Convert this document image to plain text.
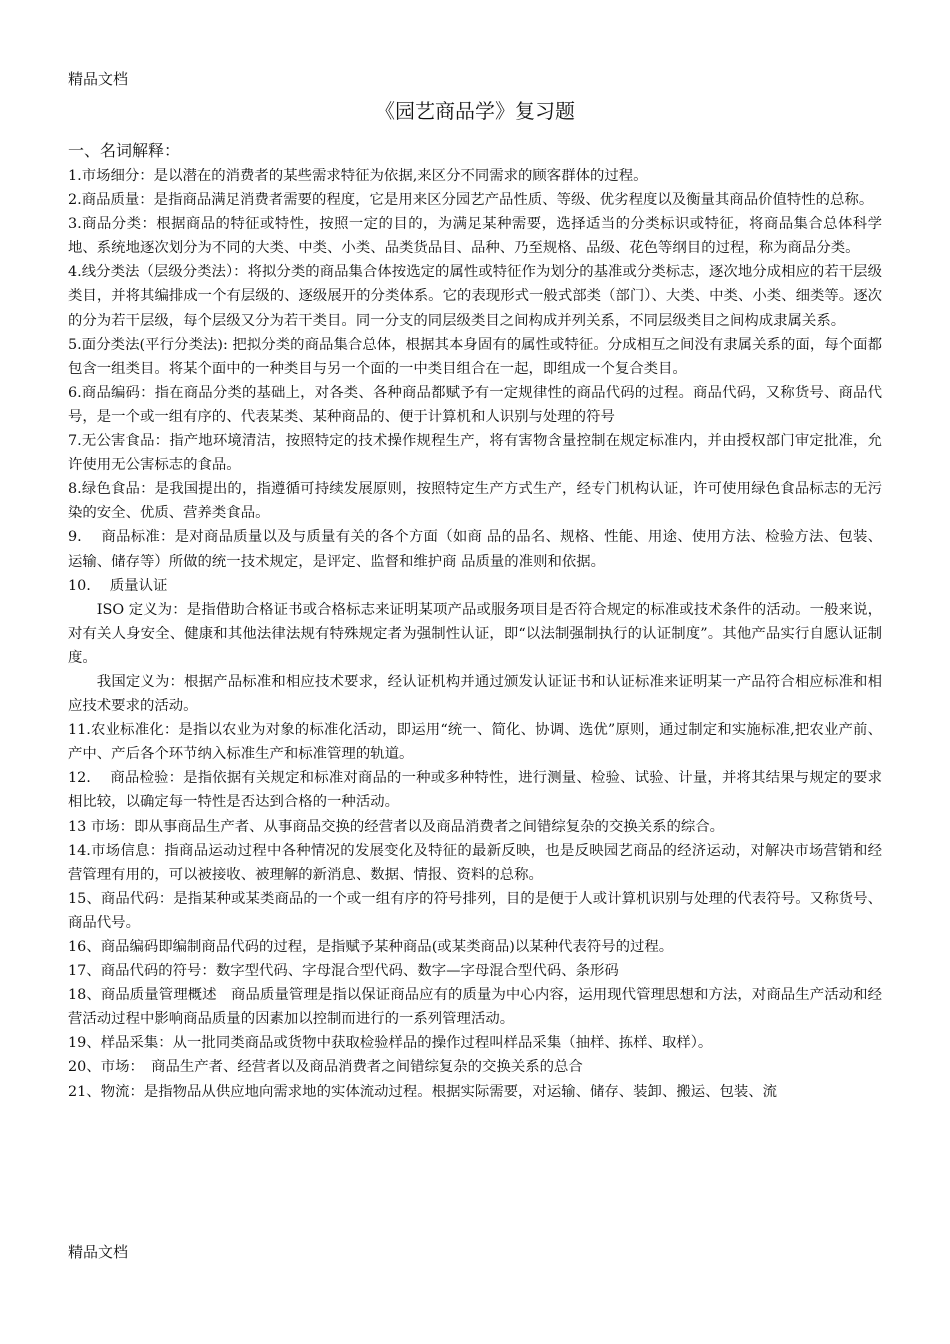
精品文档
《园艺商品学》复习题

一、名词解释：

1.市场细分：是以潜在的消费者的某些需求特征为依据,来区分不同需求的顾客群体的过程。

2.商品质量：是指商品满足消费者需要的程度，它是用来区分园艺产品性质、等级、优劣程度以及衡量其商品价值特性的总称。

3.商品分类：根据商品的特征或特性，按照一定的目的，为满足某种需要，选择适当的分类标识或特征，将商品集合总体科学地、系统地逐次划分为不同的大类、中类、小类、品类货品目、品种、乃至规格、品级、花色等纲目的过程，称为商品分类。

4.线分类法（层级分类法）：将拟分类的商品集合体按选定的属性或特征作为划分的基准或分类标志，逐次地分成相应的若干层级类目，并将其编排成一个有层级的、逐级展开的分类体系。它的表现形式一般式部类（部门）、大类、中类、小类、细类等。逐次的分为若干层级，每个层级又分为若干类目。同一分支的同层级类目之间构成并列关系，不同层级类目之间构成隶属关系。

5.面分类法(平行分类法): 把拟分类的商品集合总体，根据其本身固有的属性或特征。分成相互之间没有隶属关系的面，每个面都包含一组类目。将某个面中的一种类目与另一个面的一中类目组合在一起，即组成一个复合类目。

6.商品编码：指在商品分类的基础上，对各类、各种商品都赋予有一定规律性的商品代码的过程。商品代码，又称货号、商品代号，是一个或一组有序的、代表某类、某种商品的、便于计算机和人识别与处理的符号

7.无公害食品：指产地环境清洁，按照特定的技术操作规程生产，将有害物含量控制在规定标准内，并由授权部门审定批准，允许使用无公害标志的食品。

8.绿色食品：是我国提出的，指遵循可持续发展原则，按照特定生产方式生产，经专门机构认证，许可使用绿色食品标志的无污染的安全、优质、营养类食品。

9.　 商品标准：是对商品质量以及与质量有关的各个方面（如商 品的品名、规格、性能、用途、使用方法、检验方法、包装、 运输、储存等）所做的统一技术规定，是评定、监督和维护商 品质量的准则和依据。

10.　 质量认证

ISO 定义为：是指借助合格证书或合格标志来证明某项产品或服务项目是否符合规定的标准或技术条件的活动。一般来说，对有关人身安全、健康和其他法律法规有特殊规定者为强制性认证，即“以法制强制执行的认证制度”。其他产品实行自愿认证制度。

我国定义为：根据产品标准和相应技术要求，经认证机构并通过颁发认证证书和认证标准来证明某一产品符合相应标准和相应技术要求的活动。

11.农业标准化：是指以农业为对象的标准化活动，即运用“统一、简化、协调、选优”原则，通过制定和实施标准,把农业产前、产中、产后各个环节纳入标准生产和标准管理的轨道。

12.　 商品检验：是指依据有关规定和标准对商品的一种或多种特性，进行测量、检验、试验、计量，并将其结果与规定的要求相比较，以确定每一特性是否达到合格的一种活动。

13 市场：即从事商品生产者、从事商品交换的经营者以及商品消费者之间错综复杂的交换关系的综合。

14.市场信息：指商品运动过程中各种情况的发展变化及特征的最新反映，也是反映园艺商品的经济运动，对解决市场营销和经营管理有用的，可以被接收、被理解的新消息、数据、情报、资料的总称。

15、商品代码：是指某种或某类商品的一个或一组有序的符号排列，目的是便于人或计算机识别与处理的代表符号。又称货号、商品代号。

16、商品编码即编制商品代码的过程，是指赋予某种商品(或某类商品)以某种代表符号的过程。

17、商品代码的符号：数字型代码、字母混合型代码、数字—字母混合型代码、条形码

18、商品质量管理概述　商品质量管理是指以保证商品应有的质量为中心内容，运用现代管理思想和方法，对商品生产活动和经营活动过程中影响商品质量的因素加以控制而进行的一系列管理活动。

19、样品采集：从一批同类商品或货物中获取检验样品的操作过程叫样品采集（抽样、拣样、取样）。

20、市场：　商品生产者、经营者以及商品消费者之间错综复杂的交换关系的总合

21、物流：是指物品从供应地向需求地的实体流动过程。根据实际需要，对运输、储存、装卸、搬运、包装、流

精品文档
